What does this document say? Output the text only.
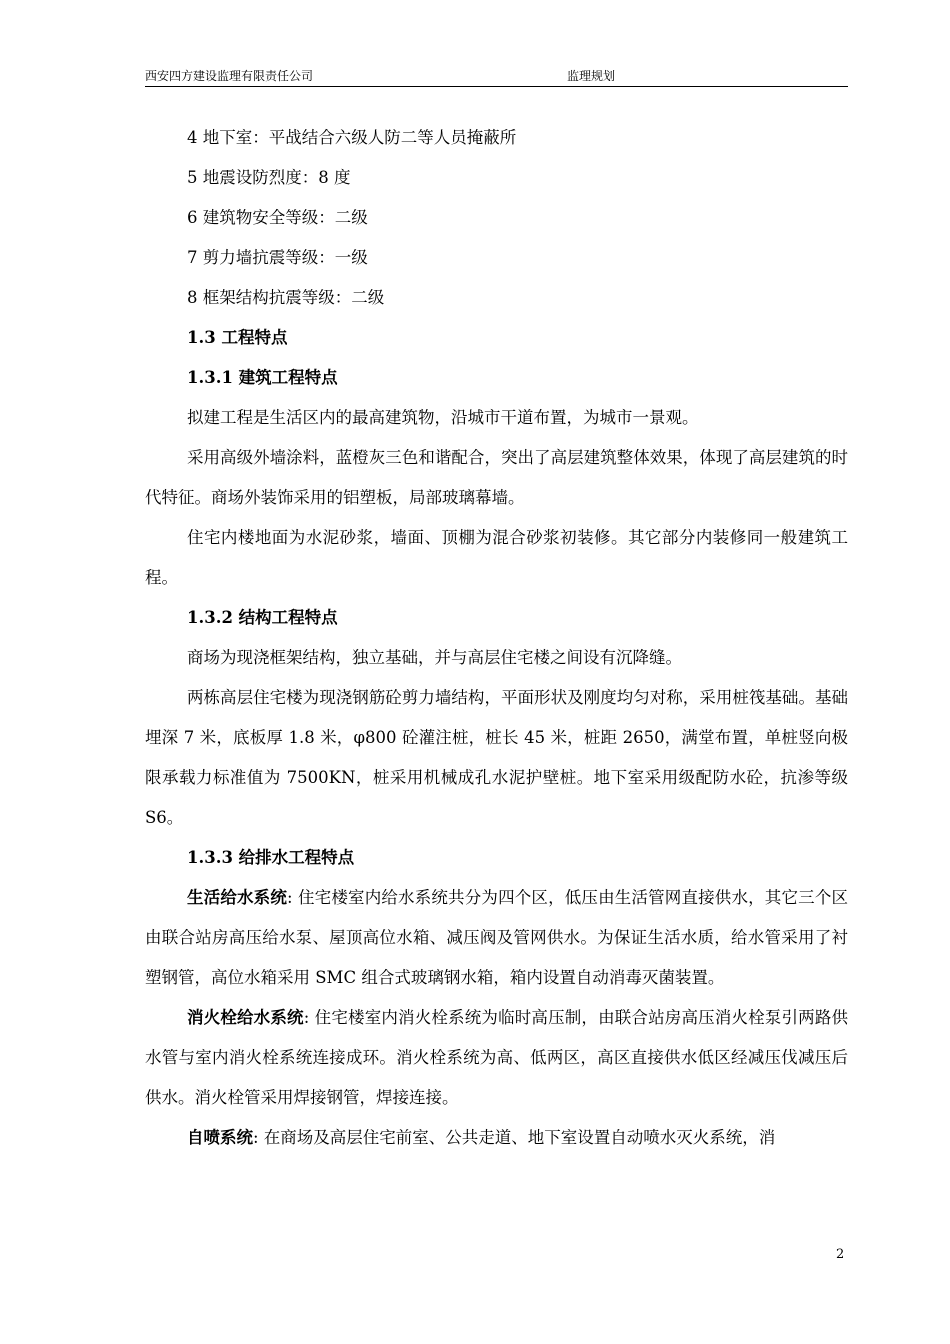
西安四方建设监理有限责任公司	监理规划

4 地下室：平战结合六级人防二等人员掩蔽所

5 地震设防烈度：8 度

6 建筑物安全等级：二级

7 剪力墙抗震等级：一级

8 框架结构抗震等级：二级

1.3 工程特点

1.3.1 建筑工程特点

拟建工程是生活区内的最高建筑物，沿城市干道布置，为城市一景观。

采用高级外墙涂料，蓝橙灰三色和谐配合，突出了高层建筑整体效果，体现了高层建筑的时代特征。商场外装饰采用的铝塑板，局部玻璃幕墙。

住宅内楼地面为水泥砂浆，墙面、顶棚为混合砂浆初装修。其它部分内装修同一般建筑工程。

1.3.2 结构工程特点

商场为现浇框架结构，独立基础，并与高层住宅楼之间设有沉降缝。

两栋高层住宅楼为现浇钢筋砼剪力墙结构，平面形状及刚度均匀对称，采用桩筏基础。基础埋深 7 米，底板厚 1.8 米，φ800 砼灌注桩，桩长 45 米，桩距 2650，满堂布置，单桩竖向极限承载力标准值为 7500KN，桩采用机械成孔水泥护壁桩。地下室采用级配防水砼，抗渗等级 S6。

1.3.3 给排水工程特点

生活给水系统: 住宅楼室内给水系统共分为四个区，低压由生活管网直接供水，其它三个区由联合站房高压给水泵、屋顶高位水箱、减压阀及管网供水。为保证生活水质，给水管采用了衬塑钢管，高位水箱采用 SMC 组合式玻璃钢水箱，箱内设置自动消毒灭菌装置。

消火栓给水系统: 住宅楼室内消火栓系统为临时高压制，由联合站房高压消火栓泵引两路供水管与室内消火栓系统连接成环。消火栓系统为高、低两区，高区直接供水低区经减压伐减压后供水。消火栓管采用焊接钢管，焊接连接。

自喷系统: 在商场及高层住宅前室、公共走道、地下室设置自动喷水灭火系统，消

2
